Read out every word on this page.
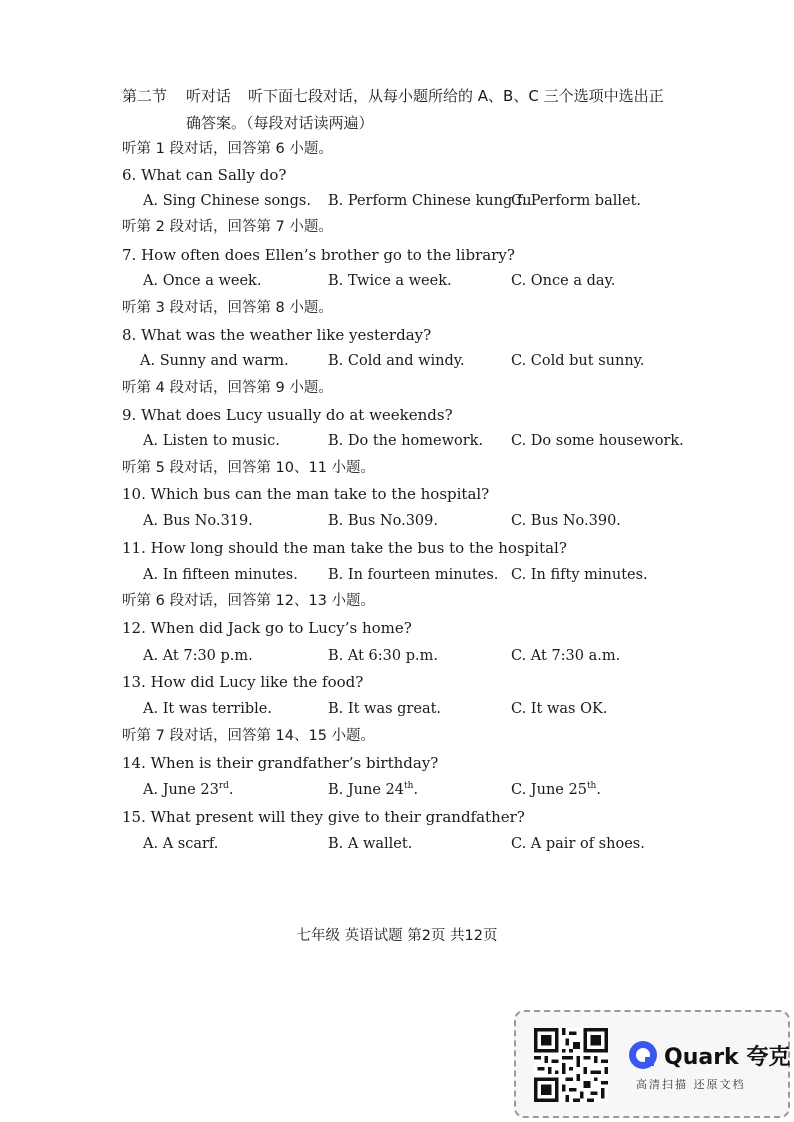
第二节 听对话 听下面七段对话，从每小题所给的 A、B、C 三个选项中选出正
确答案。（每段对话读两遍）
听第 1 段对话，回答第 6 小题。
6. What can Sally do?
A. Sing Chinese songs. B. Perform Chinese kung fu.
C. Perform ballet.
听第 2 段对话，回答第 7 小题。
7. How often does Ellen’s brother go to the library?
A. Once a week.	B. Twice a week.	C. Once a day.
听第 3 段对话，回答第 8 小题。
8. What was the weather like yesterday?
A. Sunny and warm.	B. Cold and windy.	C. Cold but sunny.
听第 4 段对话，回答第 9 小题。
9. What does Lucy usually do at weekends?
A. Listen to music.	B. Do the homework. C. Do some housework.
听第 5 段对话，回答第 10、11 小题。
10. Which bus can the man take to the hospital?
A. Bus No.319.	B. Bus No.309.	C. Bus No.390.
11. How long should the man take the bus to the hospital?
A. In fifteen minutes. B. In fourteen minutes. C. In fifty minutes.
听第 6 段对话，回答第 12、13 小题。
12. When did Jack go to Lucy’s home?
A. At 7:30 p.m.	B. At 6:30 p.m.	C. At 7:30 a.m.
13. How did Lucy like the food?
A. It was terrible.	B. It was great.	C. It was OK.
听第 7 段对话，回答第 14、15 小题。
14. When is their grandfather’s birthday?
A. June 23rd.	B. June 24th.	C. June 25th.
15. What present will they give to their grandfather?
A. A scarf.	B. A wallet.	C. A pair of shoes.
七年级 英语试题 第2页 共12页
Quark 夸克
高清扫描 还原文档
